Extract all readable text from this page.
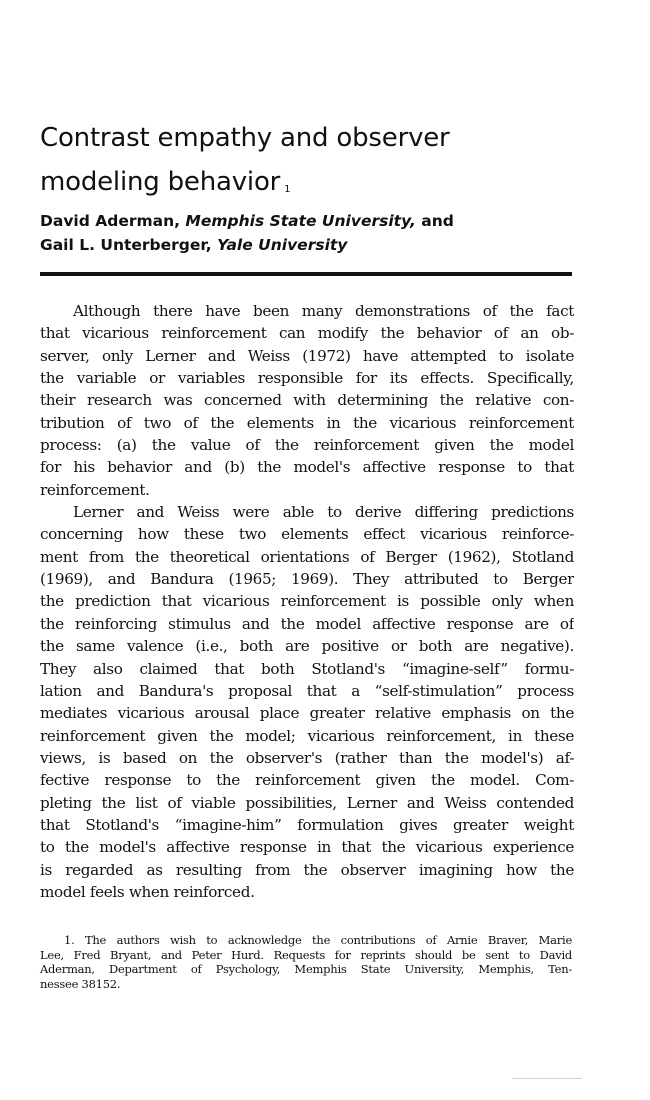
Contrast empathy and observer
modeling behavior $^1$
David Aderman, Memphis State University, and
Gail L. Unterberger, Yale University
Although there have been many demonstrations of the fact
that vicarious reinforcement can modify the behavior of an ob-
server, only Lerner and Weiss (1972) have attempted to isolate
the variable or variables responsible for its effects. Specifically,
their research was concerned with determining the relative con-
tribution of two of the elements in the vicarious reinforcement
process: (a) the value of the reinforcement given the model
for his behavior and (b) the model's affective response to that
reinforcement.
Lerner and Weiss were able to derive differing predictions
concerning how these two elements effect vicarious reinforce-
ment from the theoretical orientations of Berger (1962), Stotland
(1969), and Bandura (1965; 1969). They attributed to Berger
the prediction that vicarious reinforcement is possible only when
the reinforcing stimulus and the model affective response are of
the same valence (i.e., both are positive or both are negative).
They also claimed that both Stotland's “imagine-self” formu-
lation and Bandura's proposal that a “self-stimulation” process
mediates vicarious arousal place greater relative emphasis on the
reinforcement given the model; vicarious reinforcement, in these
views, is based on the observer's (rather than the model's) af-
fective response to the reinforcement given the model. Com-
pleting the list of viable possibilities, Lerner and Weiss contended
that Stotland's “imagine-him” formulation gives greater weight
to the model's affective response in that the vicarious experience
is regarded as resulting from the observer imagining how the
model feels when reinforced.
1. The authors wish to acknowledge the contributions of Arnie Braver, Marie
Lee, Fred Bryant, and Peter Hurd. Requests for reprints should be sent to David
Aderman, Department of Psychology, Memphis State University, Memphis, Ten-
nessee 38152.
